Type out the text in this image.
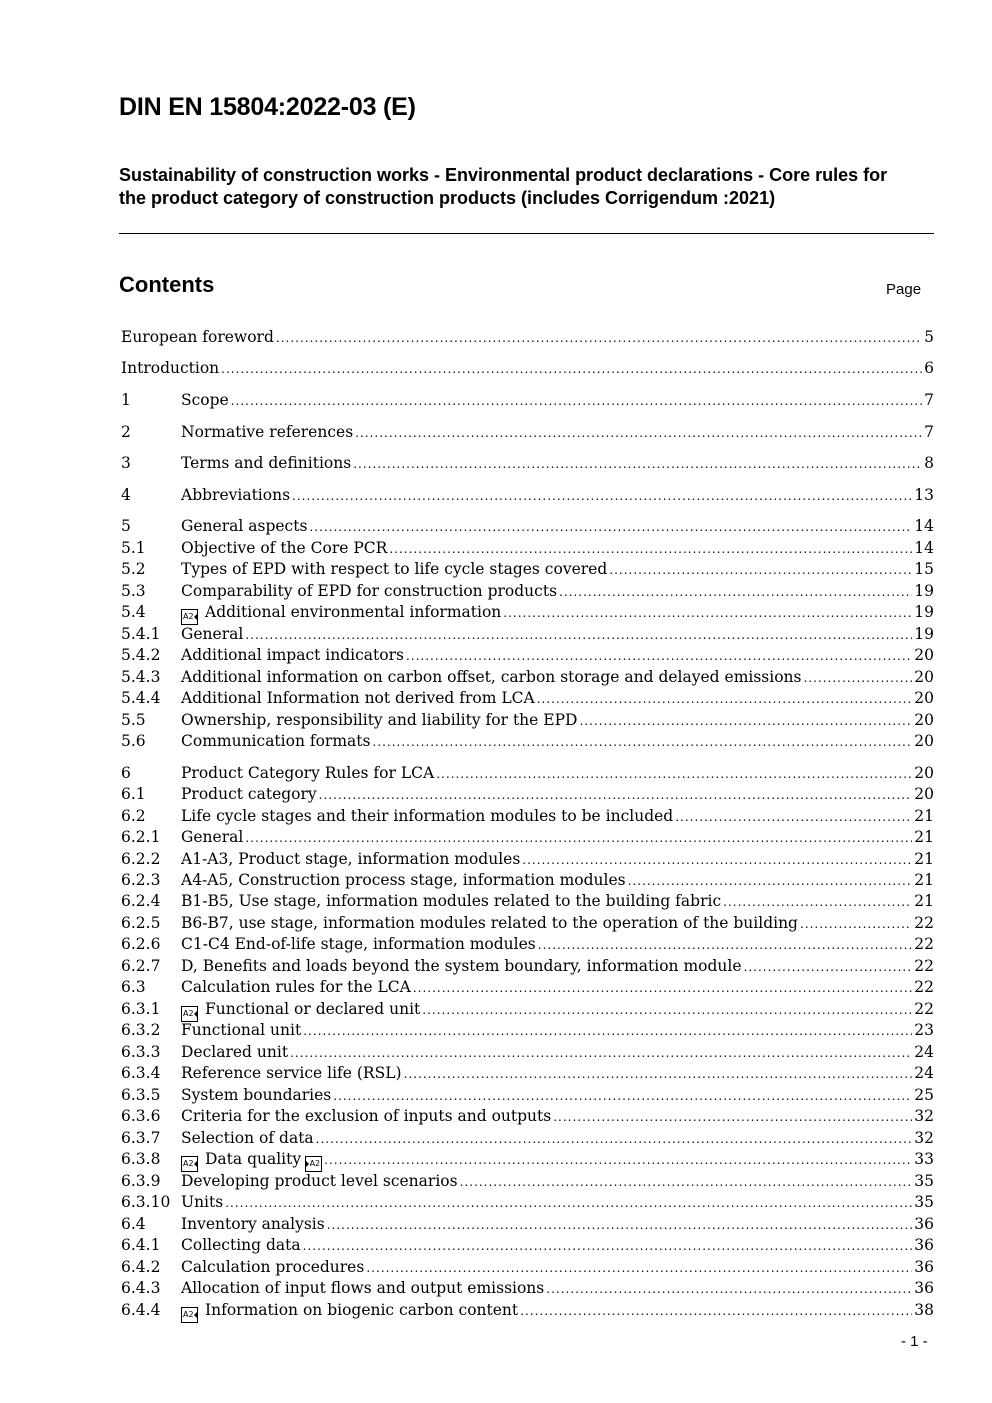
DIN EN 15804:2022-03 (E)

Sustainability of construction works - Environmental product declarations - Core rules for the product category of construction products (includes Corrigendum :2021)

Contents	Page
European foreword .....	5
Introduction .....	6
1	Scope .....	7
2	Normative references .....	7
3	Terms and definitions .....	8
4	Abbreviations .....	13
5	General aspects .....	14
5.1	Objective of the Core PCR .....	14
5.2	Types of EPD with respect to life cycle stages covered .....	15
5.3	Comparability of EPD for construction products .....	19
5.4	A2 Additional environmental information .....	19
5.4.1	General .....	19
5.4.2	Additional impact indicators .....	20
5.4.3	Additional information on carbon offset, carbon storage and delayed emissions .....	20
5.4.4	Additional Information not derived from LCA .....	20
5.5	Ownership, responsibility and liability for the EPD .....	20
5.6	Communication formats .....	20
6	Product Category Rules for LCA .....	20
6.1	Product category .....	20
6.2	Life cycle stages and their information modules to be included .....	21
6.2.1	General .....	21
6.2.2	A1-A3, Product stage, information modules .....	21
6.2.3	A4-A5, Construction process stage, information modules .....	21
6.2.4	B1-B5, Use stage, information modules related to the building fabric .....	21
6.2.5	B6-B7, use stage, information modules related to the operation of the building .....	22
6.2.6	C1-C4 End-of-life stage, information modules .....	22
6.2.7	D, Benefits and loads beyond the system boundary, information module .....	22
6.3	Calculation rules for the LCA .....	22
6.3.1	A2 Functional or declared unit .....	22
6.3.2	Functional unit .....	23
6.3.3	Declared unit .....	24
6.3.4	Reference service life (RSL) .....	24
6.3.5	System boundaries .....	25
6.3.6	Criteria for the exclusion of inputs and outputs .....	32
6.3.7	Selection of data .....	32
6.3.8	A2 Data quality A2 .....	33
6.3.9	Developing product level scenarios .....	35
6.3.10 Units .....	35
6.4	Inventory analysis .....	36
6.4.1	Collecting data .....	36
6.4.2	Calculation procedures .....	36
6.4.3	Allocation of input flows and output emissions .....	36
6.4.4	A2 Information on biogenic carbon content .....	38
- 1 -
